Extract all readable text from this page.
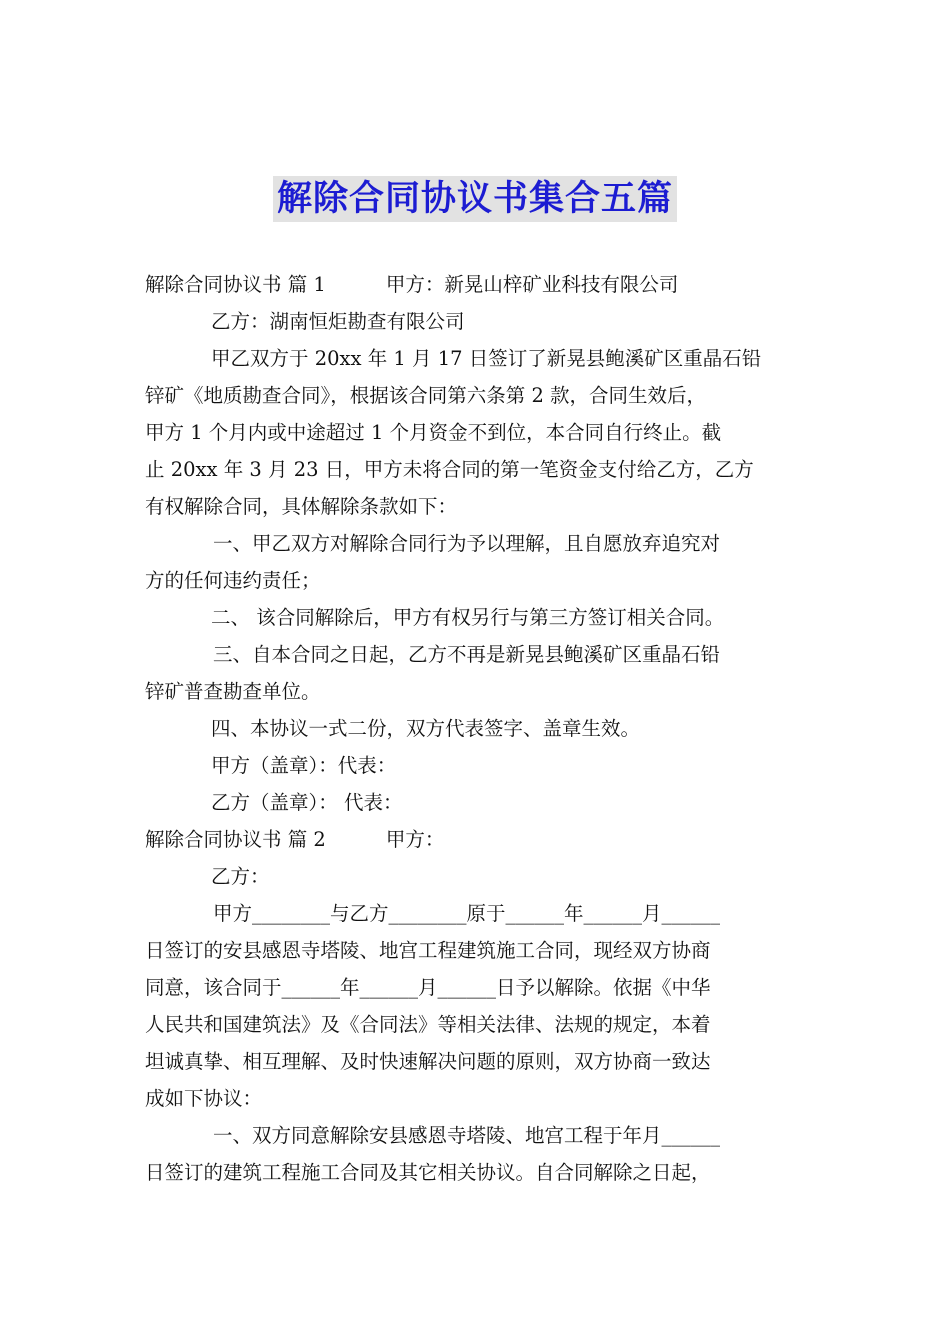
解除合同协议书集合五篇
解除合同协议书 篇 1	甲方：新晃山梓矿业科技有限公司
乙方：湖南恒炬勘查有限公司
甲乙双方于 20xx 年 1 月 17 日签订了新晃县鲍溪矿区重晶石铅
锌矿《地质勘查合同》，根据该合同第六条第 2 款，合同生效后，
甲方 1 个月内或中途超过 1 个月资金不到位，本合同自行终止。截
止 20xx 年 3 月 23 日，甲方未将合同的第一笔资金支付给乙方，乙方
有权解除合同，具体解除条款如下：
一、甲乙双方对解除合同行为予以理解，且自愿放弃追究对
方的任何违约责任；
二、 该合同解除后，甲方有权另行与第三方签订相关合同。
三、自本合同之日起，乙方不再是新晃县鲍溪矿区重晶石铅
锌矿普查勘查单位。
四、本协议一式二份，双方代表签字、盖章生效。
甲方（盖章）：代表：
乙方（盖章）： 代表：
解除合同协议书 篇 2	甲方：
乙方：
甲方________与乙方________原于______年______月______
日签订的安县感恩寺塔陵、地宫工程建筑施工合同，现经双方协商
同意，该合同于______年______月______日予以解除。依据《中华
人民共和国建筑法》及《合同法》等相关法律、法规的规定，本着
坦诚真挚、相互理解、及时快速解决问题的原则，双方协商一致达
成如下协议：
一、双方同意解除安县感恩寺塔陵、地宫工程于年月______
日签订的建筑工程施工合同及其它相关协议。自合同解除之日起，
